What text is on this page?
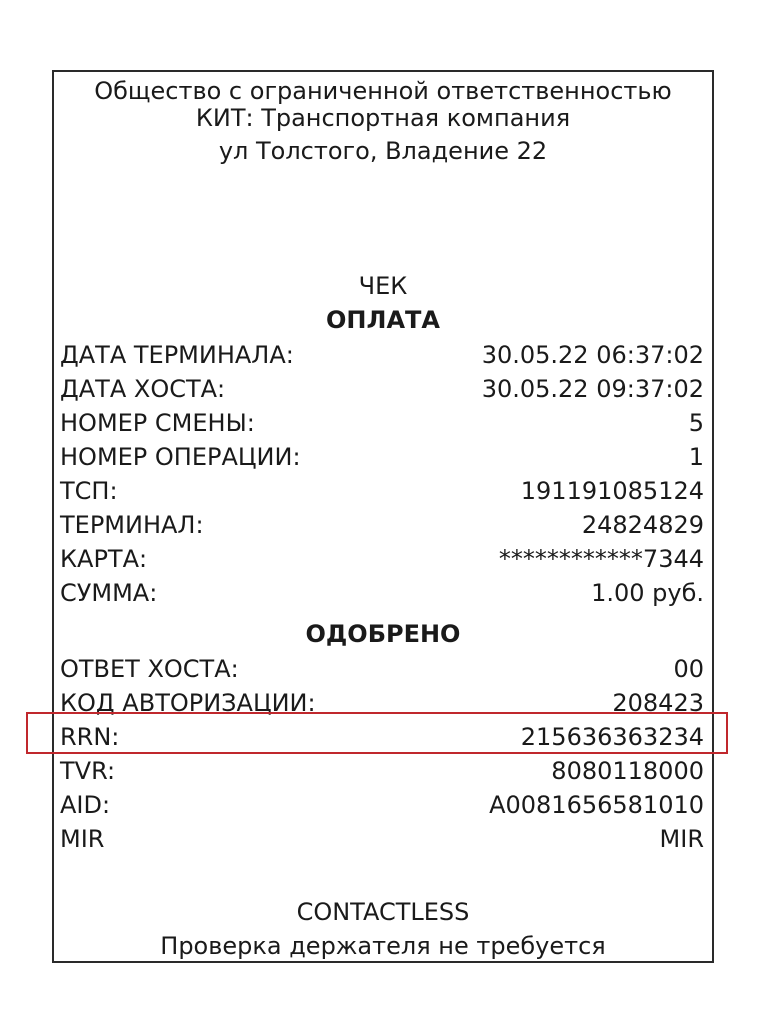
Общество с ограниченной ответственностью КИТ: Транспортная компания
ул Толстого, Владение 22
ЧЕК
ОПЛАТА
ДАТА ТЕРМИНАЛА:	30.05.22 06:37:02
ДАТА ХОСТА:	30.05.22 09:37:02
НОМЕР СМЕНЫ:	5
НОМЕР ОПЕРАЦИИ:	1
ТСП:	191191085124
ТЕРМИНАЛ:	24824829
КАРТА:	************7344
СУММА:	1.00 руб.
ОДОБРЕНО
ОТВЕТ ХОСТА:	00
КОД АВТОРИЗАЦИИ:	208423
RRN:	215636363234
TVR:	8080118000
AID:	A0081656581010
MIR	MIR
CONTACTLESS
Проверка держателя не требуется
